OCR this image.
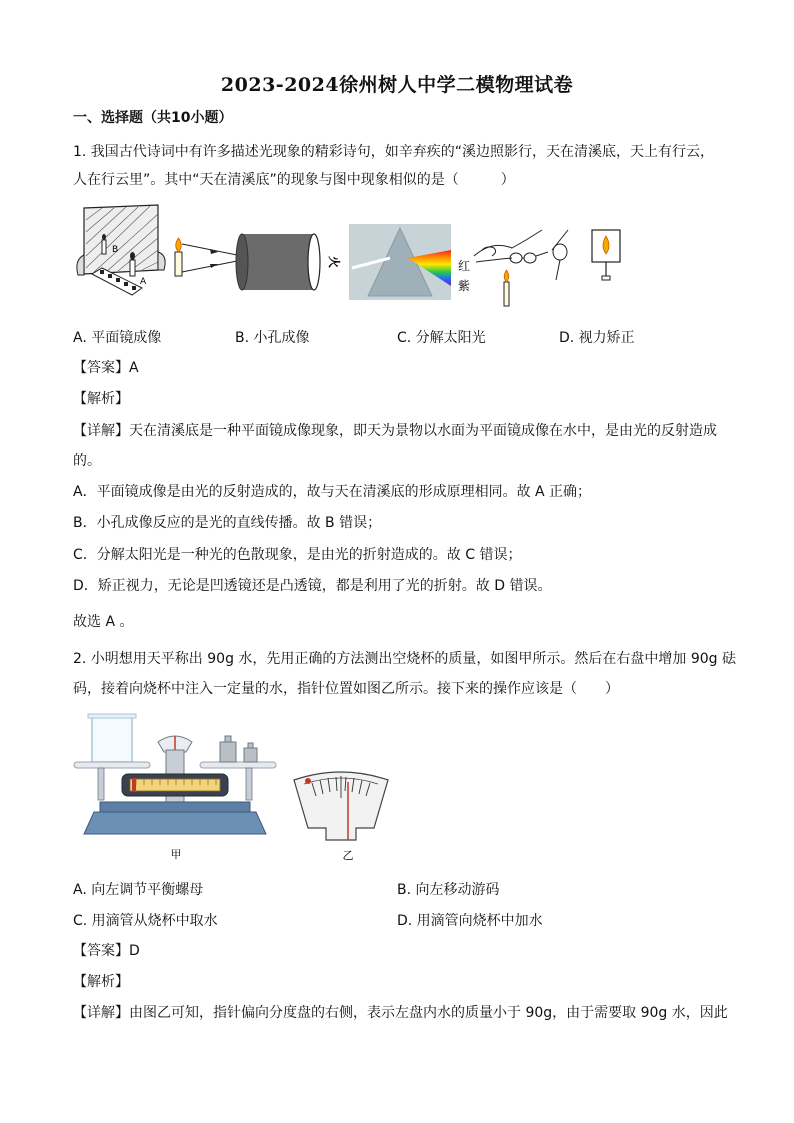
2023-2024徐州树人中学二模物理试卷
一、选择题（共10小题）
1. 我国古代诗词中有许多描述光现象的精彩诗句，如辛弃疾的“溪边照影行，天在清溪底，天上有行云，
人在行云里”。其中“天在清溪底”的现象与图中现象相似的是（　　　）
B
A
火	红
紫
A. 平面镜成像	B. 小孔成像	C. 分解太阳光	D. 视力矫正
【答案】A
【解析】
【详解】天在清溪底是一种平面镜成像现象，即天为景物以水面为平面镜成像在水中，是由光的反射造成
的。
A．平面镜成像是由光的反射造成的，故与天在清溪底的形成原理相同。故 A 正确；
B．小孔成像反应的是光的直线传播。故 B 错误；
C．分解太阳光是一种光的色散现象，是由光的折射造成的。故 C 错误；
D．矫正视力，无论是凹透镜还是凸透镜，都是利用了光的折射。故 D 错误。
故选 A 。
2. 小明想用天平称出 90g 水，先用正确的方法测出空烧杯的质量，如图甲所示。然后在右盘中增加 90g 砝
码，接着向烧杯中注入一定量的水，指针位置如图乙所示。接下来的操作应该是（　　）
甲	乙
A. 向左调节平衡螺母	B. 向左移动游码
C. 用滴管从烧杯中取水	D. 用滴管向烧杯中加水
【答案】D
【解析】
【详解】由图乙可知，指针偏向分度盘的右侧，表示左盘内水的质量小于 90g，由于需要取 90g 水，因此
